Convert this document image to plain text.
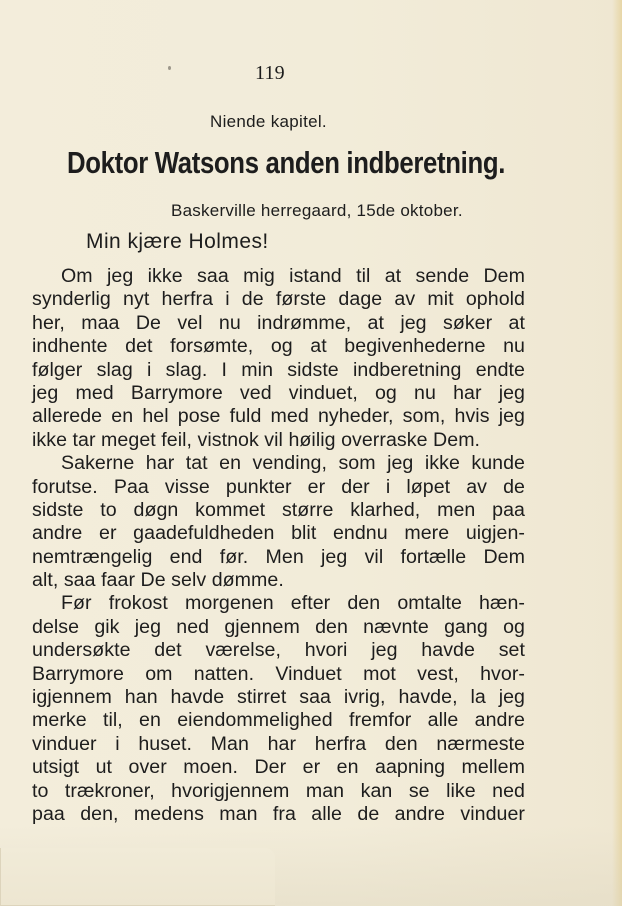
119
Niende kapitel.
Doktor Watsons anden indberetning.
Baskerville herregaard, 15de oktober.
Min kjære Holmes!
Om jeg ikke saa mig istand til at sende Dem
synderlig nyt herfra i de første dage av mit ophold
her, maa De vel nu indrømme, at jeg søker at
indhente det forsømte, og at begivenhederne nu
følger slag i slag. I min sidste indberetning endte
jeg med Barrymore ved vinduet, og nu har jeg
allerede en hel pose fuld med nyheder, som, hvis jeg
ikke tar meget feil, vistnok vil høilig overraske Dem.
Sakerne har tat en vending, som jeg ikke kunde
forutse. Paa visse punkter er der i løpet av de
sidste to døgn kommet større klarhed, men paa
andre er gaadefuldheden blit endnu mere uigjen-
nemtrængelig end før. Men jeg vil fortælle Dem
alt, saa faar De selv dømme.
Før frokost morgenen efter den omtalte hæn-
delse gik jeg ned gjennem den nævnte gang og
undersøkte det værelse, hvori jeg havde set
Barrymore om natten. Vinduet mot vest, hvor-
igjennem han havde stirret saa ivrig, havde, la jeg
merke til, en eiendommelighed fremfor alle andre
vinduer i huset. Man har herfra den nærmeste
utsigt ut over moen. Der er en aapning mellem
to trækroner, hvorigjennem man kan se like ned
paa den, medens man fra alle de andre vinduer
